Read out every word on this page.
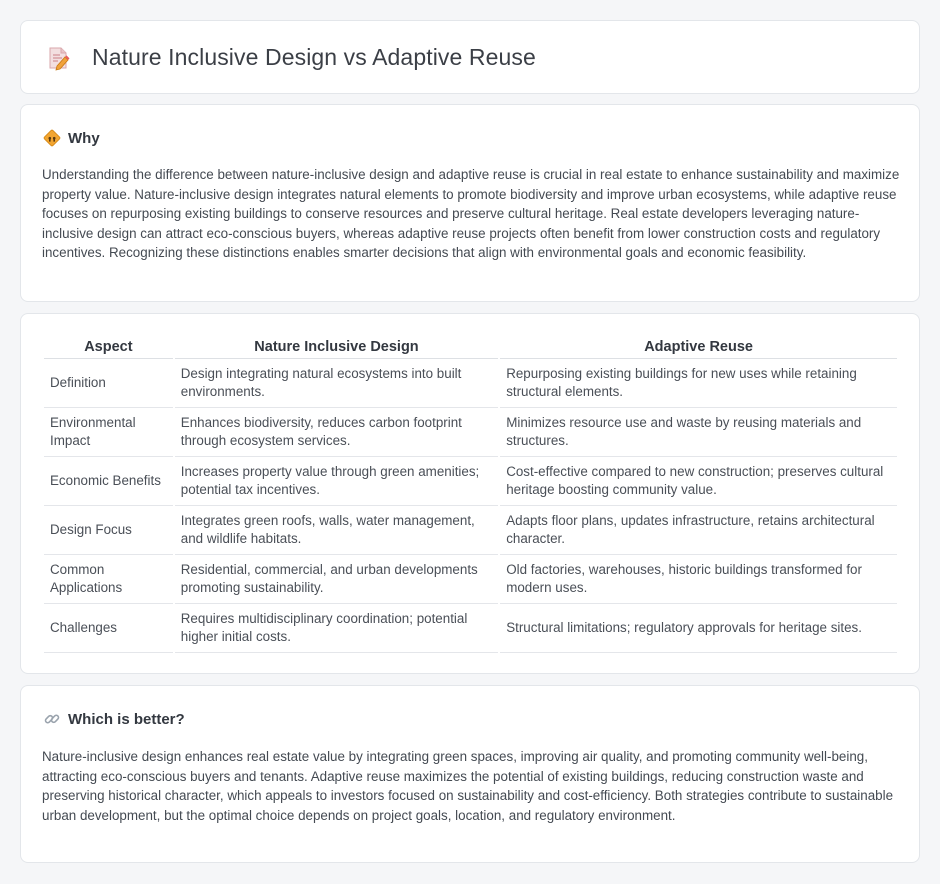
Nature Inclusive Design vs Adaptive Reuse
Why

Understanding the difference between nature-inclusive design and adaptive reuse is crucial in real estate to enhance sustainability and maximize property value. Nature-inclusive design integrates natural elements to promote biodiversity and improve urban ecosystems, while adaptive reuse focuses on repurposing existing buildings to conserve resources and preserve cultural heritage. Real estate developers leveraging nature-inclusive design can attract eco-conscious buyers, whereas adaptive reuse projects often benefit from lower construction costs and regulatory incentives. Recognizing these distinctions enables smarter decisions that align with environmental goals and economic feasibility.

Aspect	Nature Inclusive Design	Adaptive Reuse
Definition	Design integrating natural ecosystems into built environments.	Repurposing existing buildings for new uses while retaining structural elements.
Environmental Impact	Enhances biodiversity, reduces carbon footprint through ecosystem services.	Minimizes resource use and waste by reusing materials and structures.
Economic Benefits	Increases property value through green amenities; potential tax incentives.	Cost-effective compared to new construction; preserves cultural heritage boosting community value.
Design Focus	Integrates green roofs, walls, water management, and wildlife habitats.	Adapts floor plans, updates infrastructure, retains architectural character.
Common Applications	Residential, commercial, and urban developments promoting sustainability.	Old factories, warehouses, historic buildings transformed for modern uses.
Challenges	Requires multidisciplinary coordination; potential higher initial costs.	Structural limitations; regulatory approvals for heritage sites.
Which is better?

Nature-inclusive design enhances real estate value by integrating green spaces, improving air quality, and promoting community well-being, attracting eco-conscious buyers and tenants. Adaptive reuse maximizes the potential of existing buildings, reducing construction waste and preserving historical character, which appeals to investors focused on sustainability and cost-efficiency. Both strategies contribute to sustainable urban development, but the optimal choice depends on project goals, location, and regulatory environment.
